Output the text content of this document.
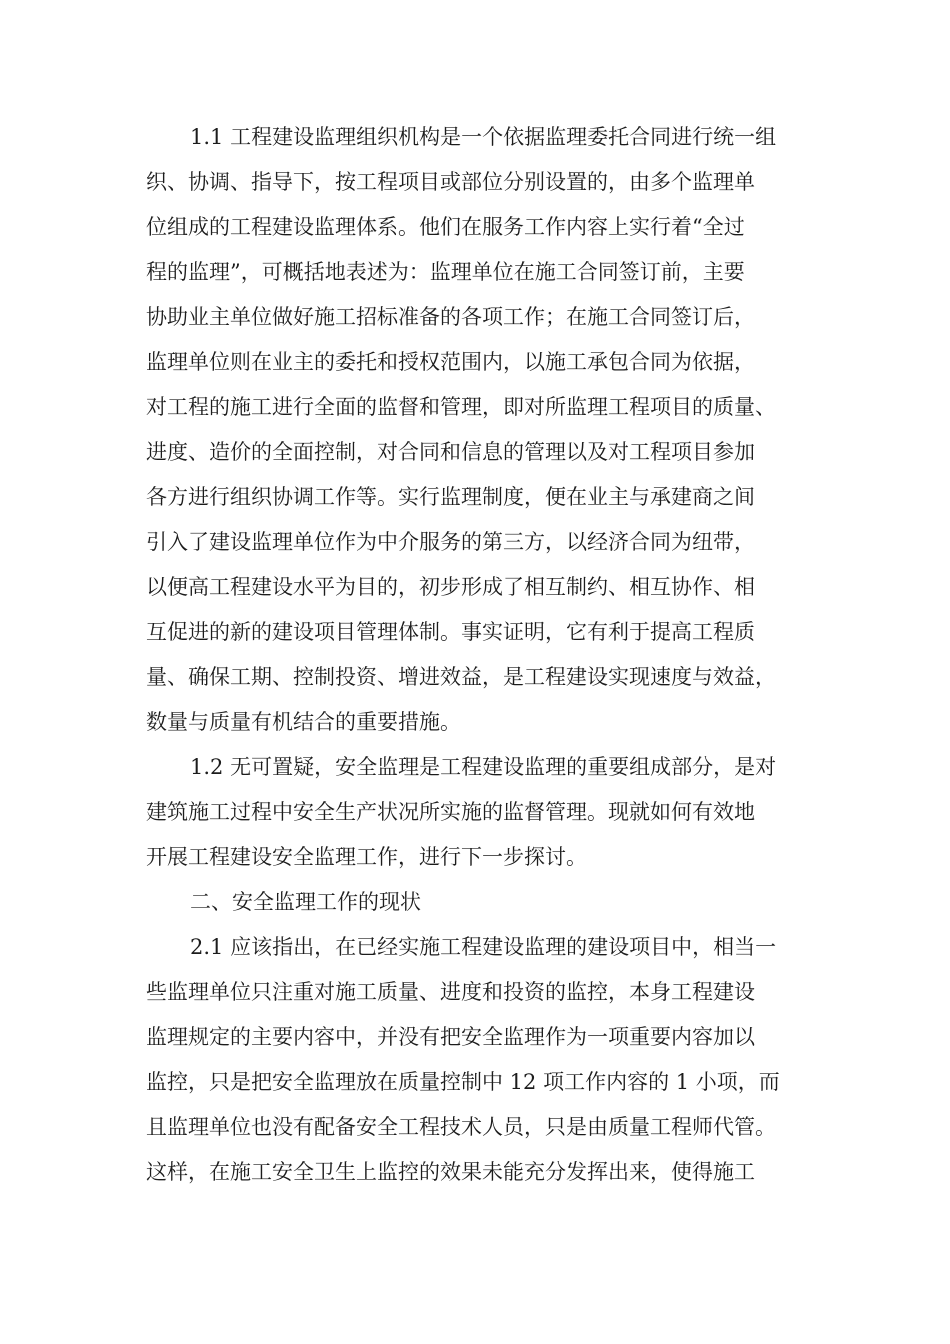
1.1 工程建设监理组织机构是一个依据监理委托合同进行统一组
织、协调、指导下，按工程项目或部位分别设置的，由多个监理单
位组成的工程建设监理体系。他们在服务工作内容上实行着“全过
程的监理”，可概括地表述为：监理单位在施工合同签订前，主要
协助业主单位做好施工招标准备的各项工作；在施工合同签订后，
监理单位则在业主的委托和授权范围内，以施工承包合同为依据，
对工程的施工进行全面的监督和管理，即对所监理工程项目的质量、
进度、造价的全面控制，对合同和信息的管理以及对工程项目参加
各方进行组织协调工作等。实行监理制度，便在业主与承建商之间
引入了建设监理单位作为中介服务的第三方，以经济合同为纽带，
以便高工程建设水平为目的，初步形成了相互制约、相互协作、相
互促进的新的建设项目管理体制。事实证明，它有利于提高工程质
量、确保工期、控制投资、增进效益，是工程建设实现速度与效益，
数量与质量有机结合的重要措施。
1.2 无可置疑，安全监理是工程建设监理的重要组成部分，是对
建筑施工过程中安全生产状况所实施的监督管理。现就如何有效地
开展工程建设安全监理工作，进行下一步探讨。
二、安全监理工作的现状
2.1 应该指出，在已经实施工程建设监理的建设项目中，相当一
些监理单位只注重对施工质量、进度和投资的监控，本身工程建设
监理规定的主要内容中，并没有把安全监理作为一项重要内容加以
监控，只是把安全监理放在质量控制中 12 项工作内容的 1 小项，而
且监理单位也没有配备安全工程技术人员，只是由质量工程师代管。
这样，在施工安全卫生上监控的效果未能充分发挥出来，使得施工
